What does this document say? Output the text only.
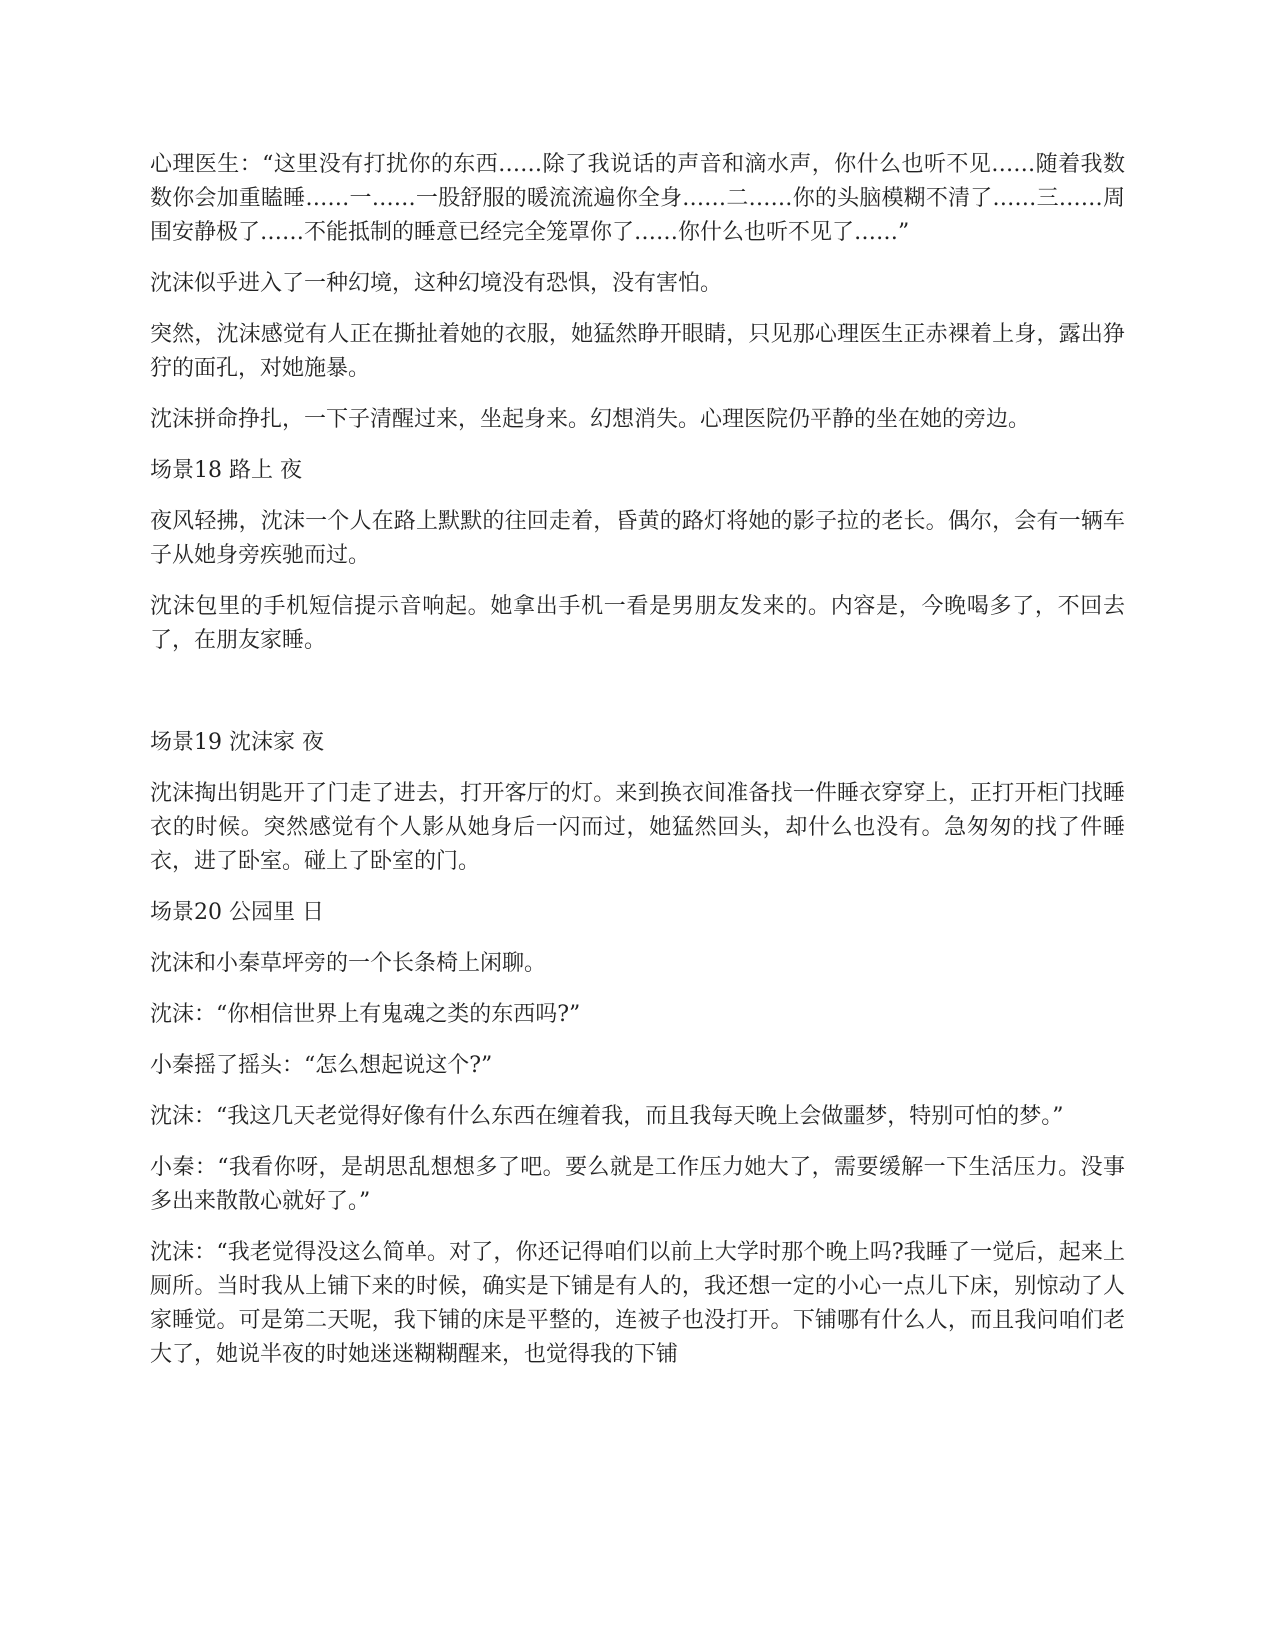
心理医生：“这里没有打扰你的东西……除了我说话的声音和滴水声，你什么也听不见……随着我数数你会加重瞌睡……一……一股舒服的暖流流遍你全身……二……你的头脑模糊不清了……三……周围安静极了……不能抵制的睡意已经完全笼罩你了……你什么也听不见了……”

沈沫似乎进入了一种幻境，这种幻境没有恐惧，没有害怕。

突然，沈沫感觉有人正在撕扯着她的衣服，她猛然睁开眼睛，只见那心理医生正赤裸着上身，露出狰狞的面孔，对她施暴。

沈沫拼命挣扎，一下子清醒过来，坐起身来。幻想消失。心理医院仍平静的坐在她的旁边。

场景18 路上 夜

夜风轻拂，沈沫一个人在路上默默的往回走着，昏黄的路灯将她的影子拉的老长。偶尔，会有一辆车子从她身旁疾驰而过。

沈沫包里的手机短信提示音响起。她拿出手机一看是男朋友发来的。内容是，今晚喝多了，不回去了，在朋友家睡。

场景19 沈沫家 夜

沈沫掏出钥匙开了门走了进去，打开客厅的灯。来到换衣间准备找一件睡衣穿穿上，正打开柜门找睡衣的时候。突然感觉有个人影从她身后一闪而过，她猛然回头，却什么也没有。急匆匆的找了件睡衣，进了卧室。碰上了卧室的门。

场景20 公园里 日

沈沫和小秦草坪旁的一个长条椅上闲聊。

沈沫：“你相信世界上有鬼魂之类的东西吗?”

小秦摇了摇头：“怎么想起说这个?”

沈沫：“我这几天老觉得好像有什么东西在缠着我，而且我每天晚上会做噩梦，特别可怕的梦。”

小秦：“我看你呀，是胡思乱想想多了吧。要么就是工作压力她大了，需要缓解一下生活压力。没事多出来散散心就好了。”

沈沫：“我老觉得没这么简单。对了，你还记得咱们以前上大学时那个晚上吗?我睡了一觉后，起来上厕所。当时我从上铺下来的时候，确实是下铺是有人的，我还想一定的小心一点儿下床，别惊动了人家睡觉。可是第二天呢，我下铺的床是平整的，连被子也没打开。下铺哪有什么人，而且我问咱们老大了，她说半夜的时她迷迷糊糊醒来，也觉得我的下铺
